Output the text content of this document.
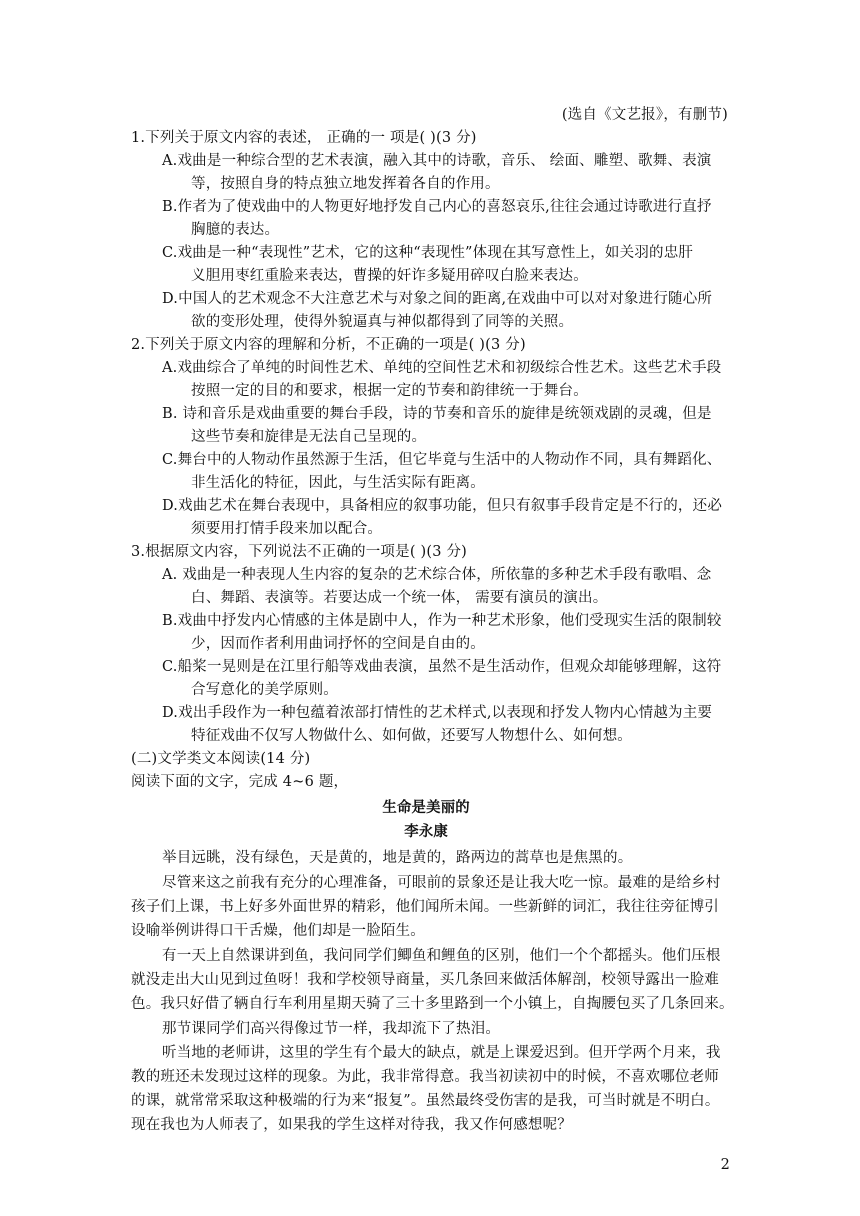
(选自《文艺报》，有删节)
1.下列关于原文内容的表述， 正确的一 项是( )(3 分)
A.戏曲是一种综合型的艺术表演，融入其中的诗歌，音乐、 绘面、雕塑、歌舞、表演
等，按照自身的特点独立地发挥着各自的作用。
B.作者为了使戏曲中的人物更好地抒发自己内心的喜怒哀乐,往往会通过诗歌进行直抒
胸臆的表达。
C.戏曲是一种“表现性”艺术，它的这种“表现性”体现在其写意性上，如关羽的忠肝
义胆用枣红重脸来表达，曹操的奸诈多疑用碎叹白脸来表达。
D.中国人的艺术观念不大注意艺术与对象之间的距离,在戏曲中可以对对象进行随心所
欲的变形处理，使得外貌逼真与神似都得到了同等的关照。
2.下列关于原文内容的理解和分析，不正确的一项是( )(3 分)
A.戏曲综合了单纯的时间性艺术、单纯的空间性艺术和初级综合性艺术。这些艺术手段
按照一定的目的和要求，根据一定的节奏和韵律统一于舞台。
B. 诗和音乐是戏曲重要的舞台手段，诗的节奏和音乐的旋律是统领戏剧的灵魂，但是
这些节奏和旋律是无法自己呈现的。
C.舞台中的人物动作虽然源于生活，但它毕竟与生活中的人物动作不同，具有舞蹈化、
非生活化的特征，因此，与生活实际有距离。
D.戏曲艺术在舞台表现中，具备相应的叙事功能，但只有叙事手段肯定是不行的，还必
须要用打情手段来加以配合。
3.根据原文内容，下列说法不正确的一项是( )(3 分)
A. 戏曲是一种表现人生内容的复杂的艺术综合体，所依靠的多种艺术手段有歌唱、念
白、舞蹈、表演等。若要达成一个统一体， 需要有演员的演出。
B.戏曲中抒发内心情感的主体是剧中人，作为一种艺术形象，他们受现实生活的限制较
少，因而作者利用曲词抒怀的空间是自由的。
C.船桨一晃则是在江里行船等戏曲表演，虽然不是生活动作，但观众却能够理解，这符
合写意化的美学原则。
D.戏出手段作为一种包蕴着浓部打情性的艺术样式,以表现和抒发人物内心情越为主要
特征戏曲不仅写人物做什么、如何做，还要写人物想什么、如何想。
(二)文学类文本阅读(14 分)
阅读下面的文字，完成 4~6 题，
生命是美丽的
李永康
举目远眺，没有绿色，天是黄的，地是黄的，路两边的蒿草也是焦黑的。
尽管来这之前我有充分的心理准备，可眼前的景象还是让我大吃一惊。最难的是给乡村
孩子们上课，书上好多外面世界的精彩，他们闻所未闻。一些新鲜的词汇，我往往旁征博引
设喻举例讲得口干舌燥，他们却是一脸陌生。
有一天上自然课讲到鱼，我问同学们鲫鱼和鲤鱼的区别，他们一个个都摇头。他们压根
就没走出大山见到过鱼呀！我和学校领导商量，买几条回来做活体解剖，校领导露出一脸难
色。我只好借了辆自行车利用星期天骑了三十多里路到一个小镇上，自掏腰包买了几条回来。
那节课同学们高兴得像过节一样，我却流下了热泪。
听当地的老师讲，这里的学生有个最大的缺点，就是上课爱迟到。但开学两个月来，我
教的班还未发现过这样的现象。为此，我非常得意。我当初读初中的时候，不喜欢哪位老师
的课，就常常采取这种极端的行为来“报复”。虽然最终受伤害的是我，可当时就是不明白。
现在我也为人师表了，如果我的学生这样对待我，我又作何感想呢？
2
